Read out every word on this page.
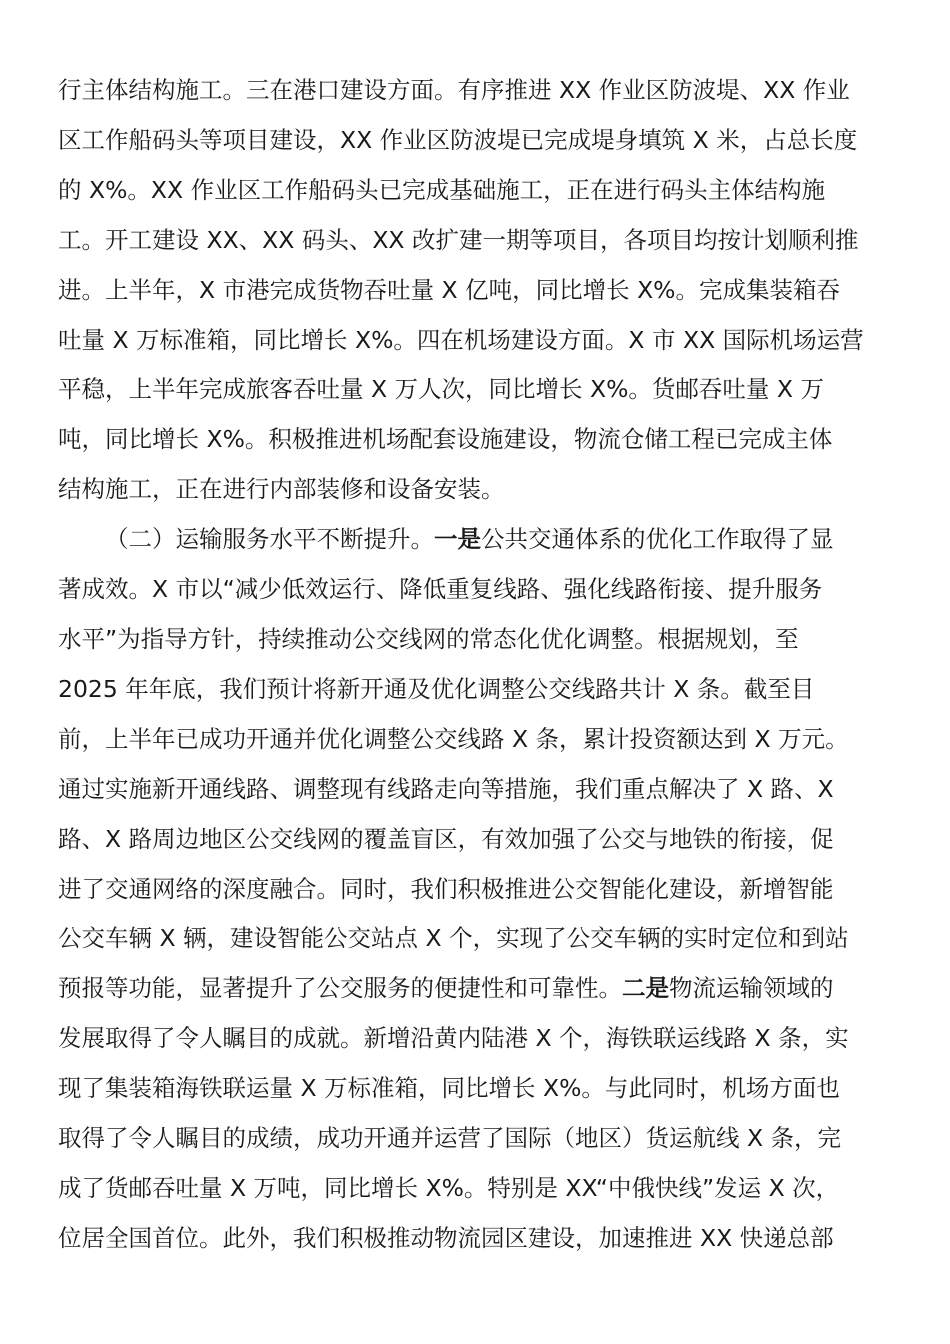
行主体结构施工。三在港口建设方面。有序推进 XX 作业区防波堤、XX 作业
区工作船码头等项目建设，XX 作业区防波堤已完成堤身填筑 X 米，占总长度
的 X%。XX 作业区工作船码头已完成基础施工，正在进行码头主体结构施
工。开工建设 XX、XX 码头、XX 改扩建一期等项目，各项目均按计划顺利推
进。上半年，X 市港完成货物吞吐量 X 亿吨，同比增长 X%。完成集装箱吞
吐量 X 万标准箱，同比增长 X%。四在机场建设方面。X 市 XX 国际机场运营
平稳，上半年完成旅客吞吐量 X 万人次，同比增长 X%。货邮吞吐量 X 万
吨，同比增长 X%。积极推进机场配套设施建设，物流仓储工程已完成主体
结构施工，正在进行内部装修和设备安装。

（二）运输服务水平不断提升。一是公共交通体系的优化工作取得了显
著成效。X 市以“减少低效运行、降低重复线路、强化线路衔接、提升服务
水平”为指导方针，持续推动公交线网的常态化优化调整。根据规划，至
2025 年年底，我们预计将新开通及优化调整公交线路共计 X 条。截至目
前，上半年已成功开通并优化调整公交线路 X 条，累计投资额达到 X 万元。
通过实施新开通线路、调整现有线路走向等措施，我们重点解决了 X 路、X
路、X 路周边地区公交线网的覆盖盲区，有效加强了公交与地铁的衔接，促
进了交通网络的深度融合。同时，我们积极推进公交智能化建设，新增智能
公交车辆 X 辆，建设智能公交站点 X 个，实现了公交车辆的实时定位和到站
预报等功能，显著提升了公交服务的便捷性和可靠性。二是物流运输领域的
发展取得了令人瞩目的成就。新增沿黄内陆港 X 个，海铁联运线路 X 条，实
现了集装箱海铁联运量 X 万标准箱，同比增长 X%。与此同时，机场方面也
取得了令人瞩目的成绩，成功开通并运营了国际（地区）货运航线 X 条，完
成了货邮吞吐量 X 万吨，同比增长 X%。特别是 XX“中俄快线”发运 X 次，
位居全国首位。此外，我们积极推动物流园区建设，加速推进 XX 快递总部
